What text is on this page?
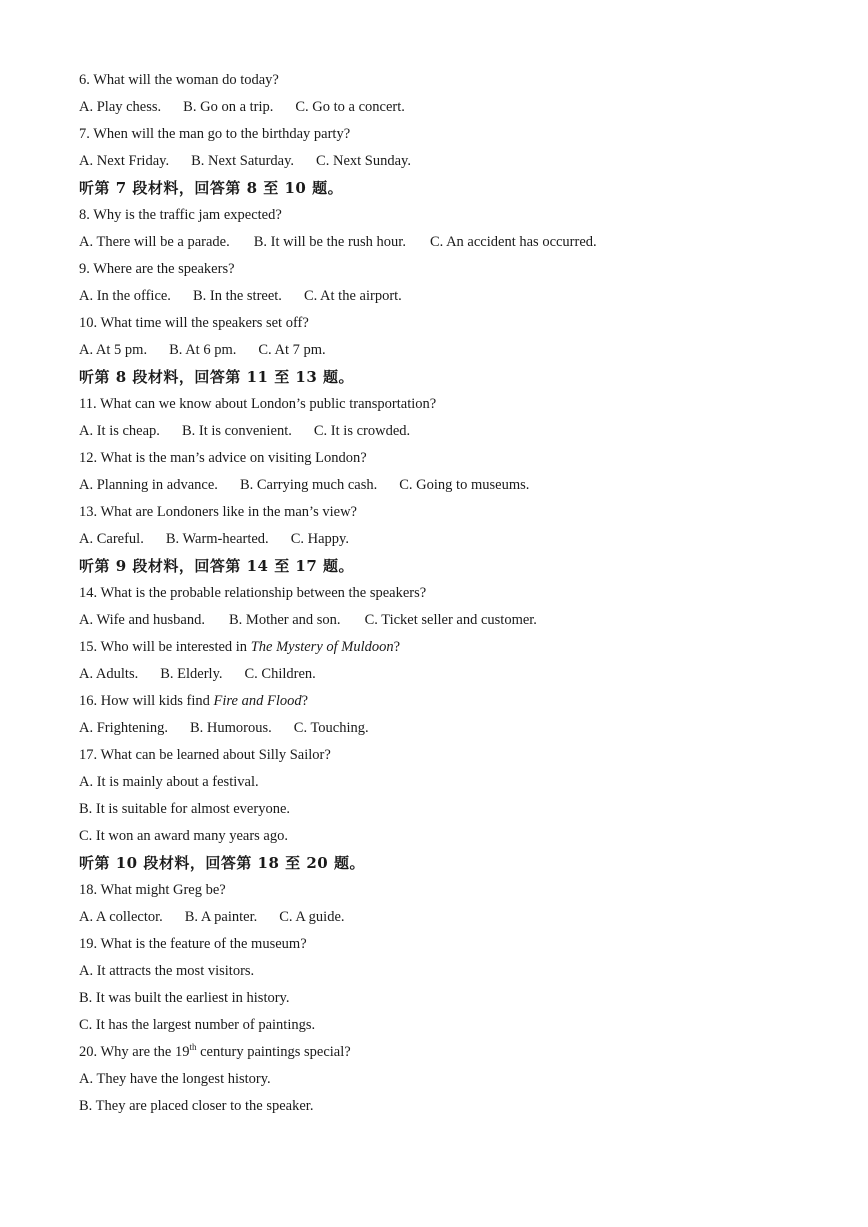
6. What will the woman do today?
A. Play chess. B. Go on a trip. C. Go to a concert.
7. When will the man go to the birthday party?
A. Next Friday. B. Next Saturday. C. Next Sunday.
听第 7 段材料，回答第 8 至 10 题。
8. Why is the traffic jam expected?
A. There will be a parade. B. It will be the rush hour. C. An accident has occurred.
9. Where are the speakers?
A. In the office. B. In the street. C. At the airport.
10. What time will the speakers set off?
A. At 5 pm. B. At 6 pm. C. At 7 pm.
听第 8 段材料，回答第 11 至 13 题。
11. What can we know about London’s public transportation?
A. It is cheap. B. It is convenient. C. It is crowded.
12. What is the man’s advice on visiting London?
A. Planning in advance. B. Carrying much cash. C. Going to museums.
13. What are Londoners like in the man’s view?
A. Careful. B. Warm-hearted. C. Happy.
听第 9 段材料，回答第 14 至 17 题。
14. What is the probable relationship between the speakers?
A. Wife and husband. B. Mother and son. C. Ticket seller and customer.
15. Who will be interested in The Mystery of Muldoon?
A. Adults. B. Elderly. C. Children.
16. How will kids find Fire and Flood?
A. Frightening. B. Humorous. C. Touching.
17. What can be learned about Silly Sailor?
A. It is mainly about a festival.
B. It is suitable for almost everyone.
C. It won an award many years ago.
听第 10 段材料，回答第 18 至 20 题。
18. What might Greg be?
A. A collector. B. A painter. C. A guide.
19. What is the feature of the museum?
A. It attracts the most visitors.
B. It was built the earliest in history.
C. It has the largest number of paintings.
20. Why are the 19th century paintings special?
A. They have the longest history.
B. They are placed closer to the speaker.
